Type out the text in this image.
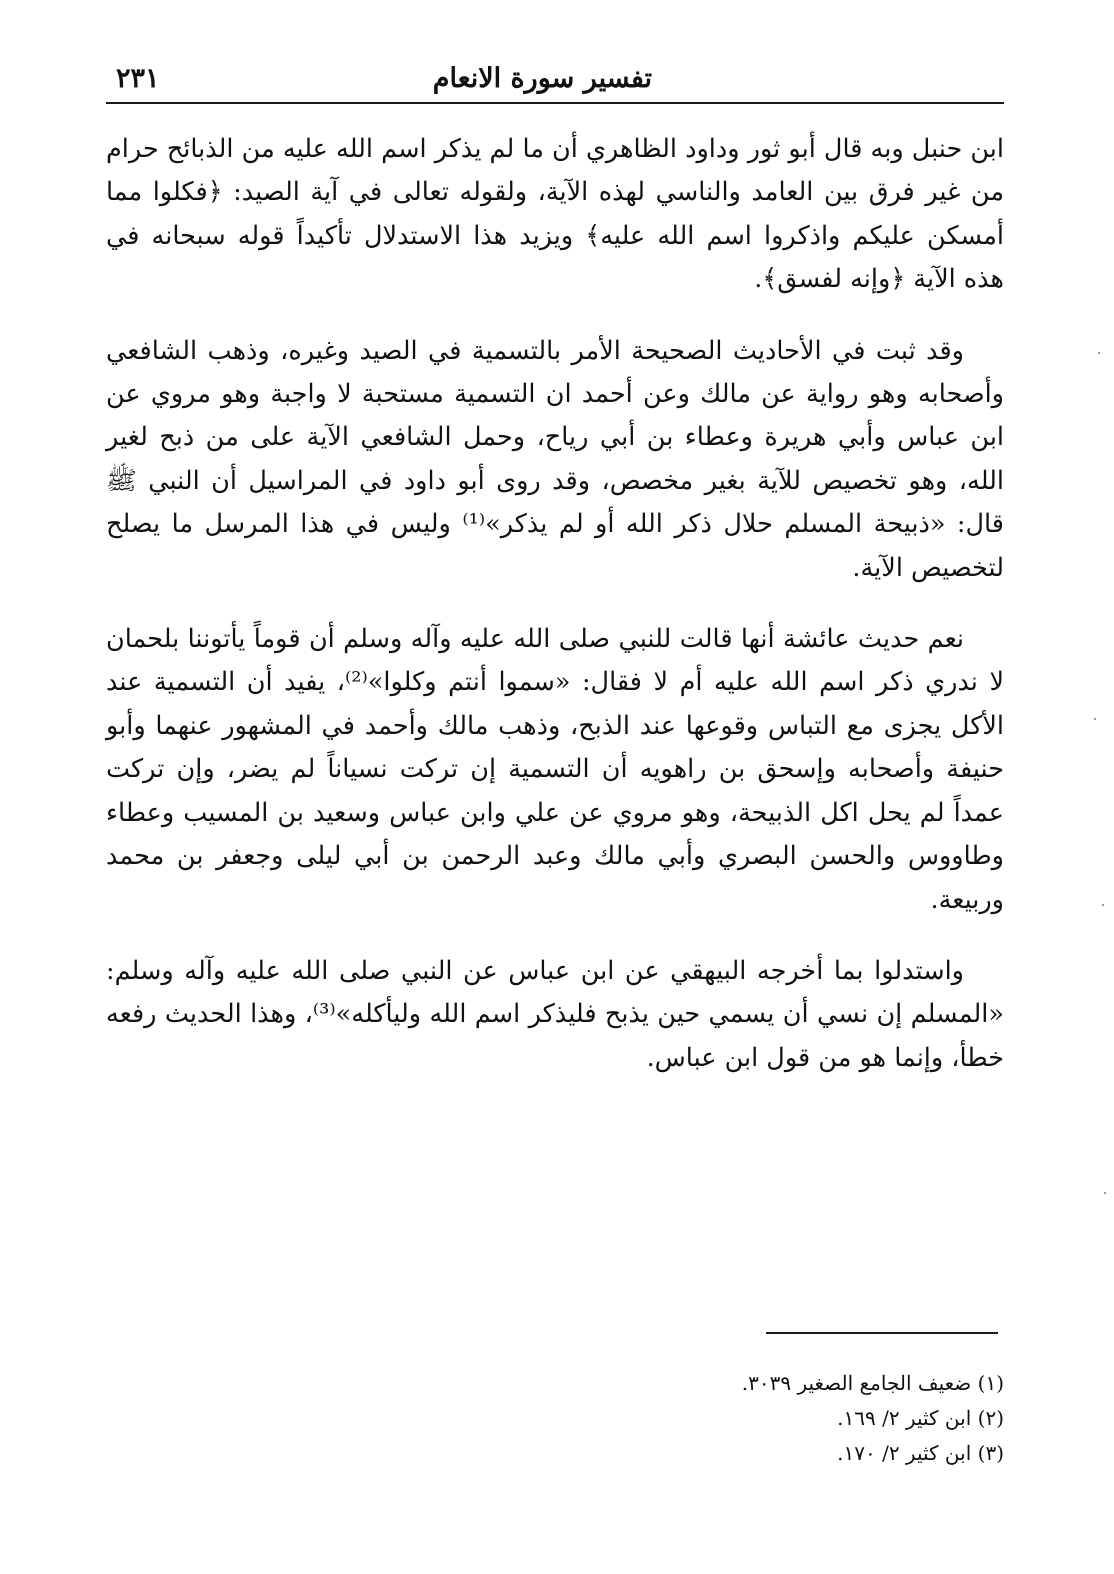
تفسير سورة الانعام
٢٣١

ابن حنبل وبه قال أبو ثور وداود الظاهري أن ما لم يذكر اسم الله عليه من الذبائح حرام من غير فرق بين العامد والناسي لهذه الآية، ولقوله تعالى في آية الصيد: ﴿فكلوا مما أمسكن عليكم واذكروا اسم الله عليه﴾ ويزيد هذا الاستدلال تأكيداً قوله سبحانه في هذه الآية ﴿وإنه لفسق﴾.

وقد ثبت في الأحاديث الصحيحة الأمر بالتسمية في الصيد وغيره، وذهب الشافعي وأصحابه وهو رواية عن مالك وعن أحمد ان التسمية مستحبة لا واجبة وهو مروي عن ابن عباس وأبي هريرة وعطاء بن أبي رياح، وحمل الشافعي الآية على من ذبح لغير الله، وهو تخصيص للآية بغير مخصص، وقد روى أبو داود في المراسيل أن النبي ﷺ قال: «ذبيحة المسلم حلال ذكر الله أو لم يذكر»⁽¹⁾ وليس في هذا المرسل ما يصلح لتخصيص الآية.

نعم حديث عائشة أنها قالت للنبي صلى الله عليه وآله وسلم أن قوماً يأتوننا بلحمان لا ندري ذكر اسم الله عليه أم لا فقال: «سموا أنتم وكلوا»⁽²⁾، يفيد أن التسمية عند الأكل يجزى مع التباس وقوعها عند الذبح، وذهب مالك وأحمد في المشهور عنهما وأبو حنيفة وأصحابه وإسحق بن راهويه أن التسمية إن تركت نسياناً لم يضر، وإن تركت عمداً لم يحل اكل الذبيحة، وهو مروي عن علي وابن عباس وسعيد بن المسيب وعطاء وطاووس والحسن البصري وأبي مالك وعبد الرحمن بن أبي ليلى وجعفر بن محمد وربيعة.

واستدلوا بما أخرجه البيهقي عن ابن عباس عن النبي صلى الله عليه وآله وسلم: «المسلم إن نسي أن يسمي حين يذبح فليذكر اسم الله وليأكله»⁽³⁾، وهذا الحديث رفعه خطأ، وإنما هو من قول ابن عباس.

(١) ضعيف الجامع الصغير ٣٠٣٩.
(٢) ابن كثير ٢/ ١٦٩.
(٣) ابن كثير ٢/ ١٧٠.
